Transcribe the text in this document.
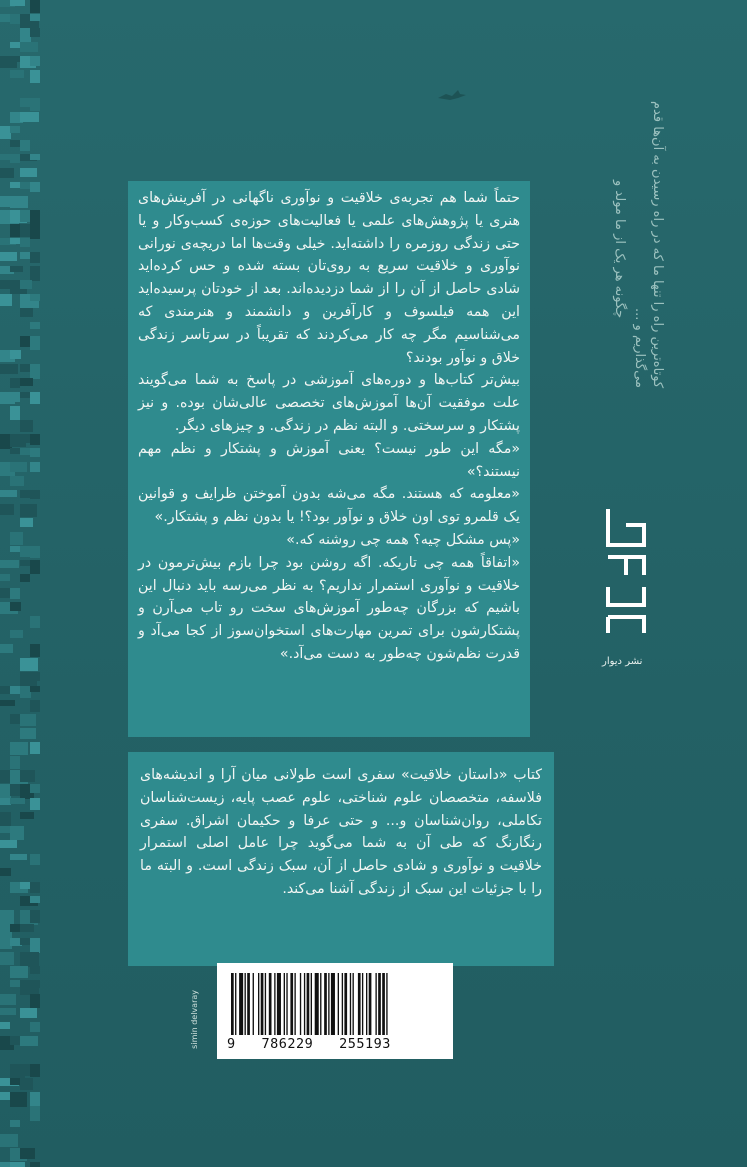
چگونه هر یک از ما مولد و	کوتاه‌ترین راه را تنها ما که در راه رسیدن به آن‌ها قدم می‌گذاریم و ...

حتماً شما هم تجربه‌ی خلاقیت و نوآوری ناگهانی در آفرینش‌های هنری یا پژوهش‌های علمی یا فعالیت‌های حوزه‌ی کسب‌وکار و یا حتی زندگی روزمره را داشته‌اید. خیلی وقت‌ها اما دریچه‌ی نورانی نوآوری و خلاقیت سریع به روی‌تان بسته شده و حس کرده‌اید شادی حاصل از آن را از شما دزدیده‌اند. بعد از خودتان پرسیده‌اید این همه فیلسوف و کارآفرین و دانشمند و هنرمندی که می‌شناسیم مگر چه کار می‌کردند که تقریباً در سرتاسر زندگی خلاق و نوآور بودند؟

بیش‌تر کتاب‌ها و دوره‌های آموزشی در پاسخ به شما می‌گویند علت موفقیت آن‌ها آموزش‌های تخصصی عالی‌شان بوده. و نیز پشتکار و سرسختی. و البته نظم در زندگی. و چیزهای دیگر.

«مگه این طور نیست؟ یعنی آموزش و پشتکار و نظم مهم نیستند؟»

«معلومه که هستند. مگه می‌شه بدون آموختن ظرایف و قوانین یک قلمرو توی اون خلاق و نوآور بود؟! یا بدون نظم و پشتکار.»

«پس مشکل چیه؟ همه چی روشنه که.»

«اتفاقاً همه چی تاریکه. اگه روشن بود چرا بازم بیش‌ترمون در خلاقیت و نوآوری استمرار نداریم؟ به نظر می‌رسه باید دنبال این باشیم که بزرگان چه‌طور آموزش‌های سخت رو تاب می‌آرن و پشتکارشون برای تمرین مهارت‌های استخوان‌سوز از کجا می‌آد و قدرت نظم‌شون چه‌طور به دست می‌آد.»

کتاب «داستان خلاقیت» سفری است طولانی میان آرا و اندیشه‌های فلاسفه، متخصصان علوم شناختی، علوم عصب پایه، زیست‌شناسان تکاملی، روان‌شناسان و... و حتی عرفا و حکیمان اشراق. سفری رنگارنگ که طی آن به شما می‌گوید چرا عامل اصلی استمرار خلاقیت و نوآوری و شادی حاصل از آن، سبک زندگی است. و البته ما را با جزئیات این سبک از زندگی آشنا می‌کند.

نشر دیوار
simin delvaray 9   786229   255193
